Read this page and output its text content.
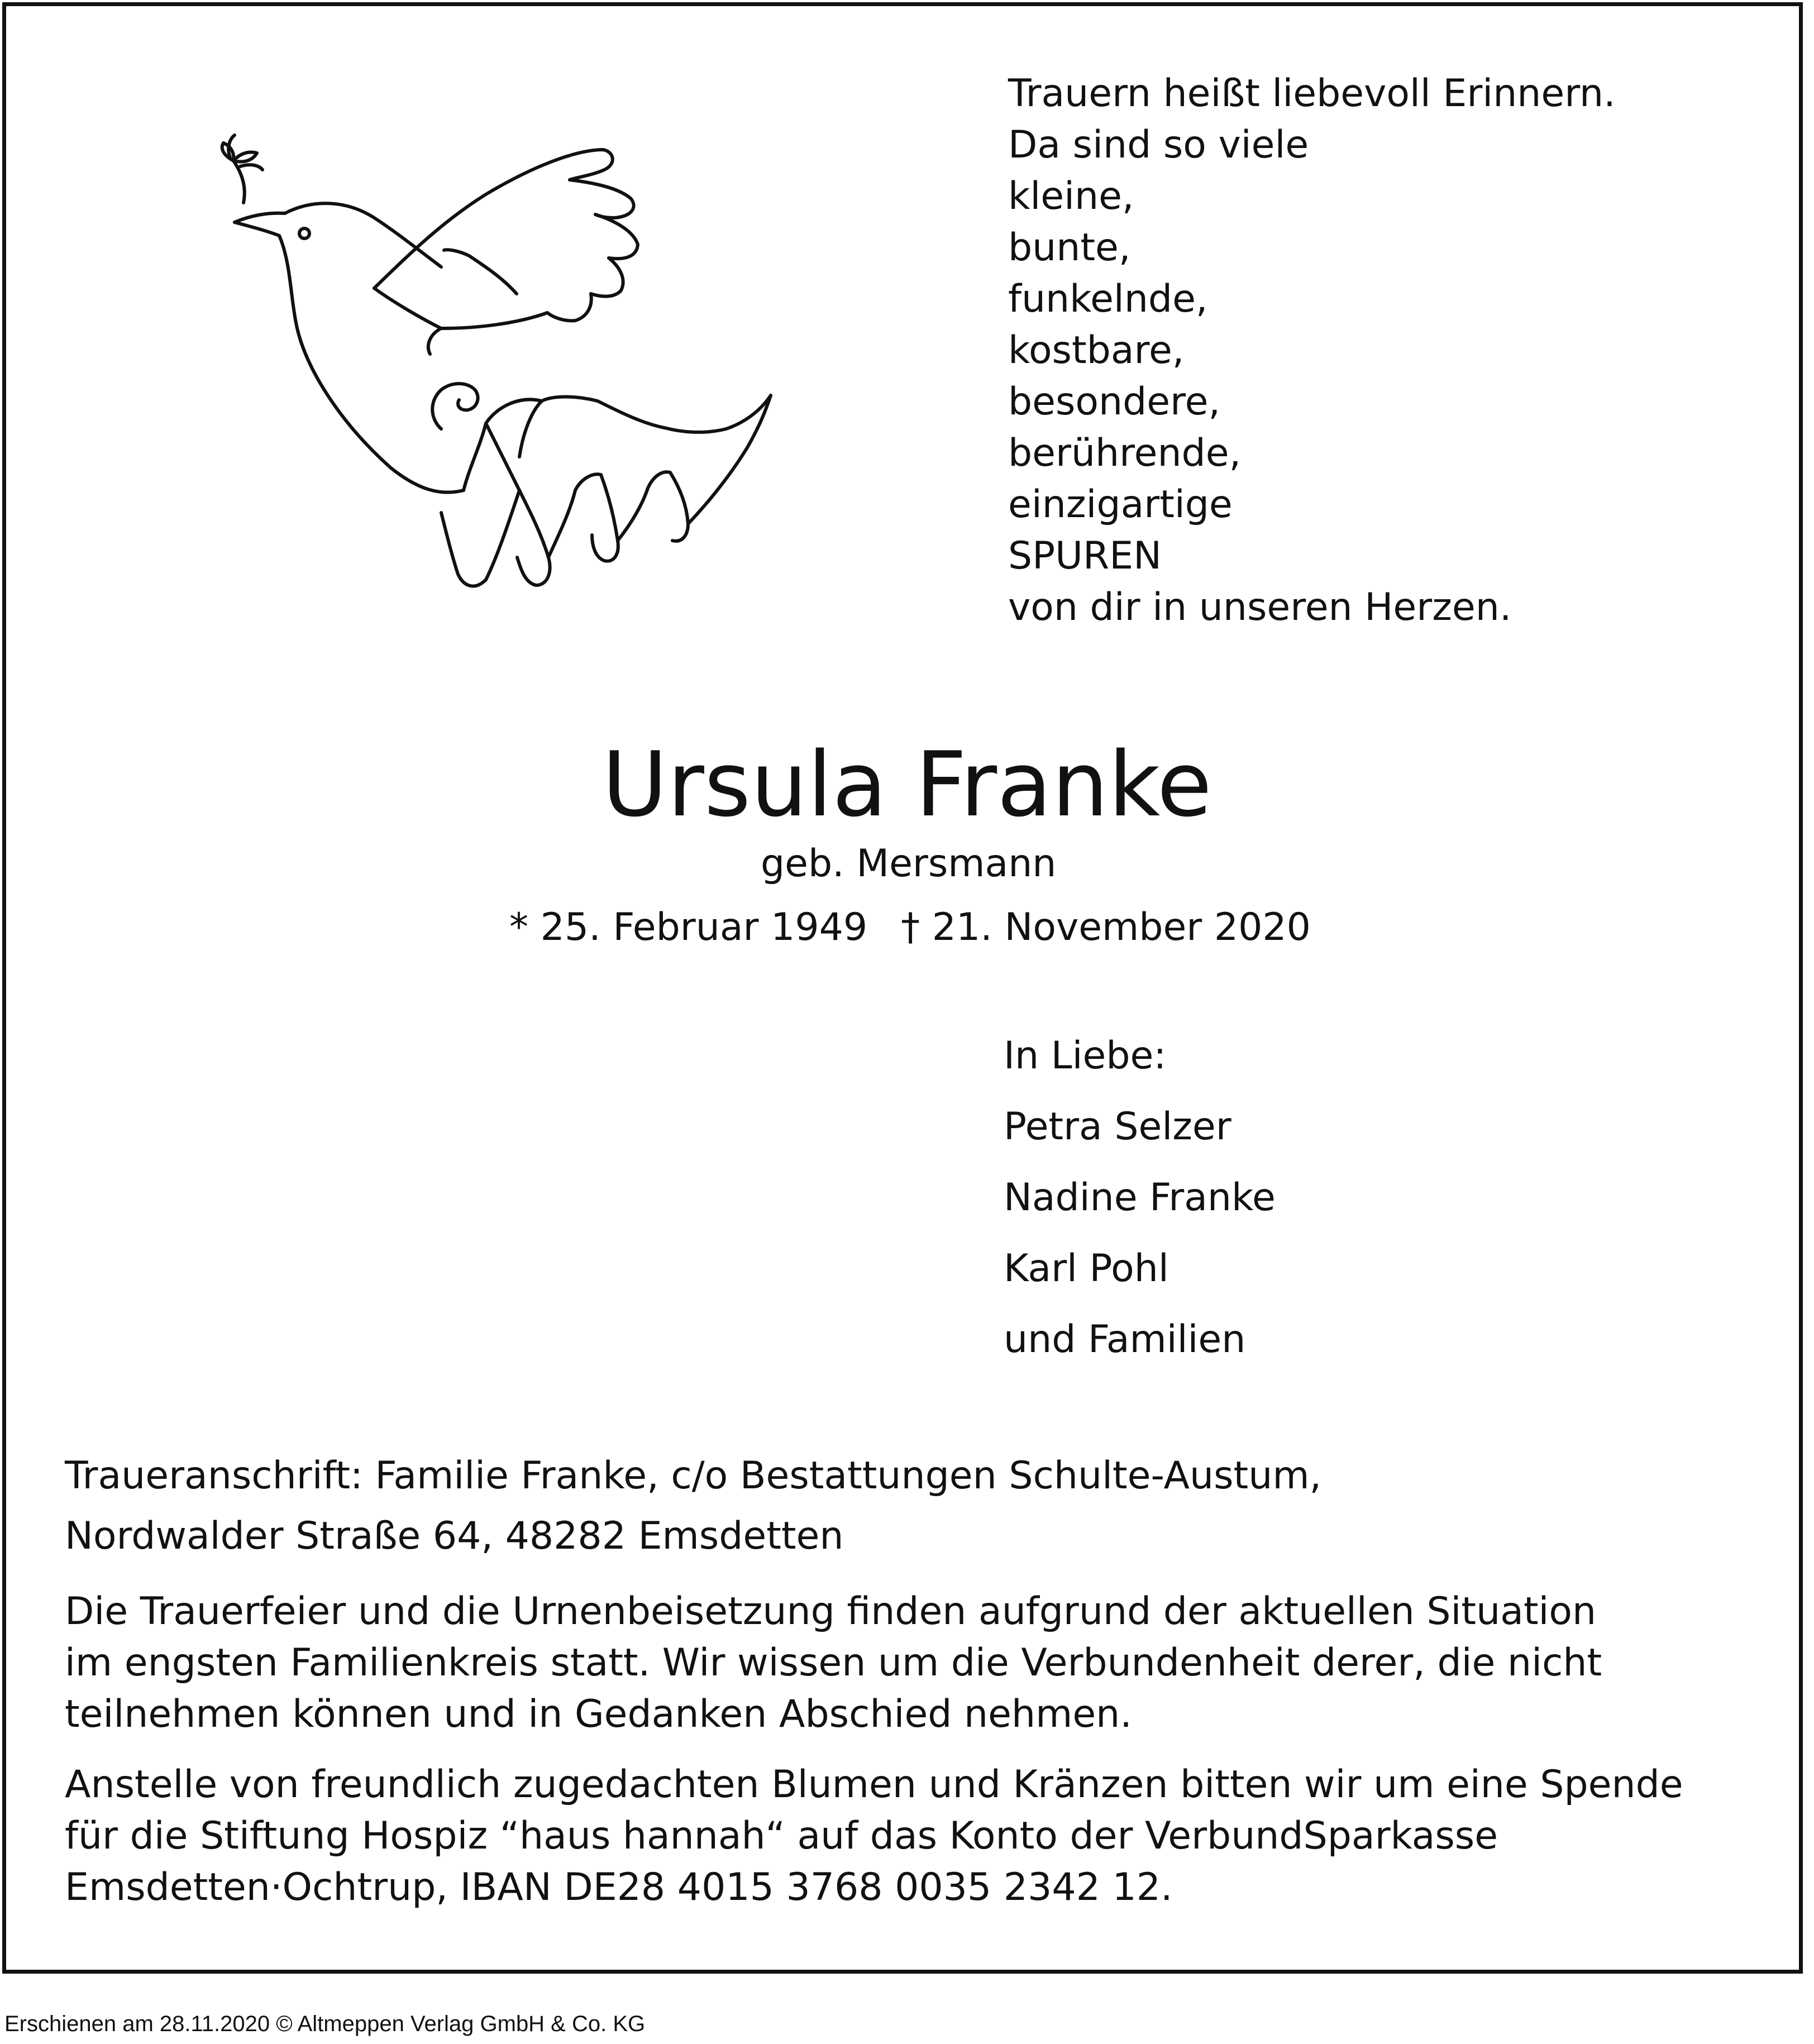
Trauern heißt liebevoll Erinnern.
Da sind so viele
kleine,
bunte,
funkelnde,
kostbare,
besondere,
berührende,
einzigartige
SPUREN
von dir in unseren Herzen.
Ursula Franke
geb. Mersmann
* 25. Februar 1949 † 21. November 2020
In Liebe:
Petra Selzer
Nadine Franke
Karl Pohl
und Familien
Traueranschrift: Familie Franke, c/o Bestattungen Schulte-Austum,
Nordwalder Straße 64, 48282 Emsdetten
Die Trauerfeier und die Urnenbeisetzung finden aufgrund der aktuellen Situation
im engsten Familienkreis statt. Wir wissen um die Verbundenheit derer, die nicht
teilnehmen können und in Gedanken Abschied nehmen.
Anstelle von freundlich zugedachten Blumen und Kränzen bitten wir um eine Spende
für die Stiftung Hospiz “haus hannah“ auf das Konto der VerbundSparkasse
Emsdetten·Ochtrup, IBAN DE28 4015 3768 0035 2342 12.
Erschienen am 28.11.2020 © Altmeppen Verlag GmbH & Co. KG
